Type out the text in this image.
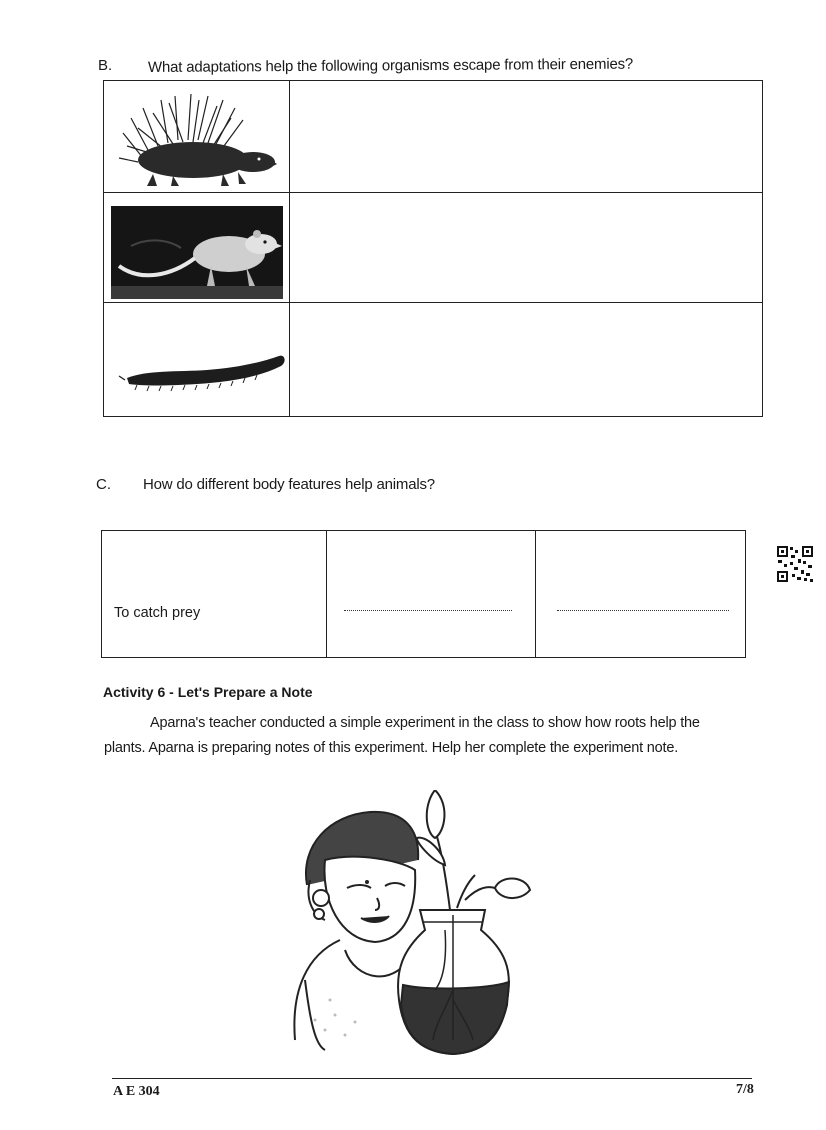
B. What adaptations help the following organisms escape from their enemies?
C. How do different body features help animals?
To catch prey
Activity 6 - Let's Prepare a Note
Aparna's teacher conducted a simple experiment in the class to show how roots help the
plants. Aparna is preparing notes of this experiment. Help her complete the experiment note.
A E 304	7/8
